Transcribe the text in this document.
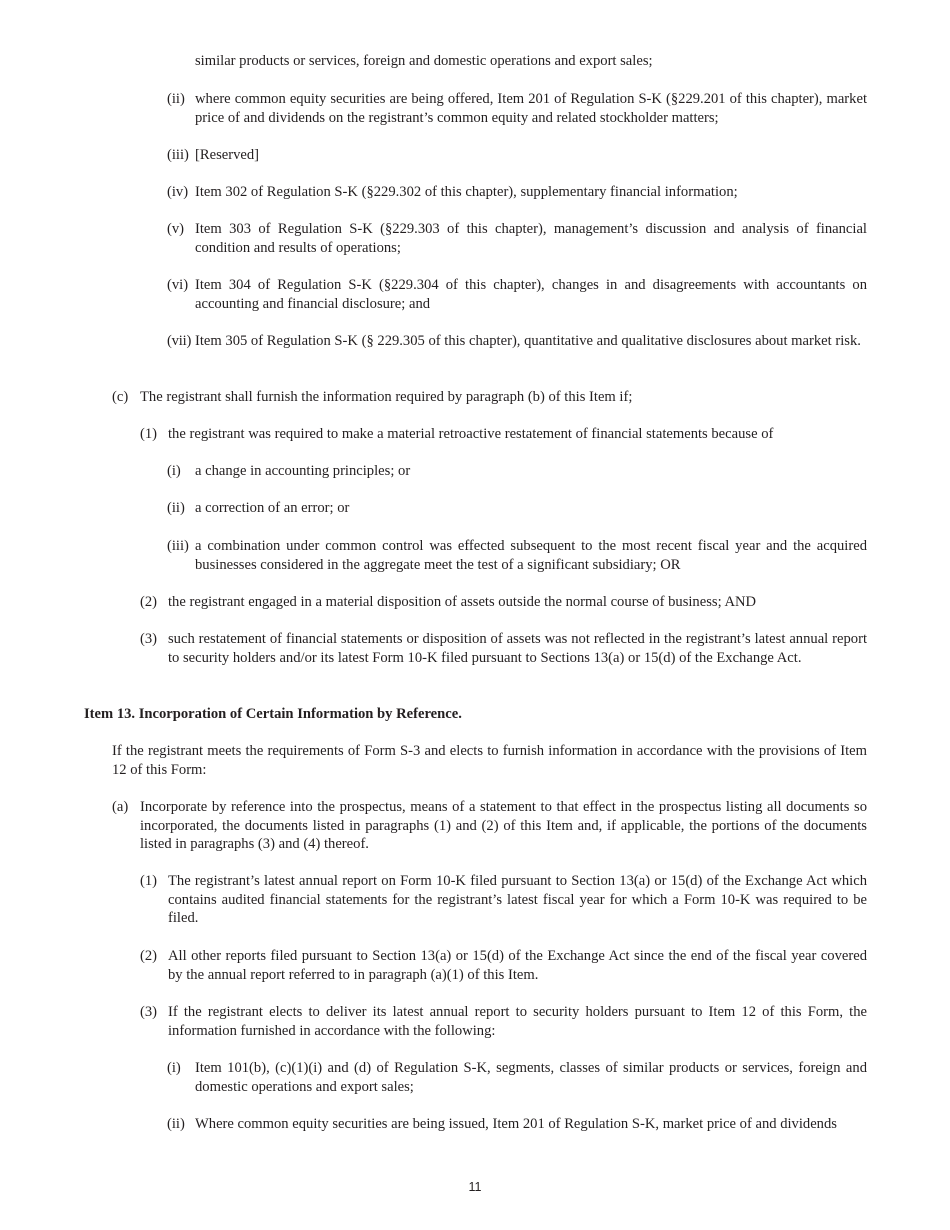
similar products or services, foreign and domestic operations and export sales;

(ii) where common equity securities are being offered, Item 201 of Regulation S-K (§229.201 of this chapter), market price of and dividends on the registrant’s common equity and related stockholder matters;
(iii) [Reserved]
(iv) Item 302 of Regulation S-K (§229.302 of this chapter), supplementary financial information;
(v) Item 303 of Regulation S-K (§229.303 of this chapter), management’s discussion and analysis of financial condition and results of operations;
(vi) Item 304 of Regulation S-K (§229.304 of this chapter), changes in and disagreements with accountants on accounting and financial disclosure; and
(vii) Item 305 of Regulation S-K (§ 229.305 of this chapter), quantitative and qualitative disclosures about market risk.
(c) The registrant shall furnish the information required by paragraph (b) of this Item if;
(1) the registrant was required to make a material retroactive restatement of financial statements because of
(i) a change in accounting principles; or
(ii) a correction of an error; or
(iii) a combination under common control was effected subsequent to the most recent fiscal year and the acquired businesses considered in the aggregate meet the test of a significant subsidiary; OR
(2) the registrant engaged in a material disposition of assets outside the normal course of business; AND
(3) such restatement of financial statements or disposition of assets was not reflected in the registrant’s latest annual report to security holders and/or its latest Form 10-K filed pursuant to Sections 13(a) or 15(d) of the Exchange Act.

Item 13. Incorporation of Certain Information by Reference.

If the registrant meets the requirements of Form S-3 and elects to furnish information in accordance with the provisions of Item 12 of this Form:

(a) Incorporate by reference into the prospectus, means of a statement to that effect in the prospectus listing all documents so incorporated, the documents listed in paragraphs (1) and (2) of this Item and, if applicable, the portions of the documents listed in paragraphs (3) and (4) thereof.
(1) The registrant’s latest annual report on Form 10-K filed pursuant to Section 13(a) or 15(d) of the Exchange Act which contains audited financial statements for the registrant’s latest fiscal year for which a Form 10-K was required to be filed.
(2) All other reports filed pursuant to Section 13(a) or 15(d) of the Exchange Act since the end of the fiscal year covered by the annual report referred to in paragraph (a)(1) of this Item.
(3) If the registrant elects to deliver its latest annual report to security holders pursuant to Item 12 of this Form, the information furnished in accordance with the following:
(i) Item 101(b), (c)(1)(i) and (d) of Regulation S-K, segments, classes of similar products or services, foreign and domestic operations and export sales;
(ii) Where common equity securities are being issued, Item 201 of Regulation S-K, market price of and dividends
11
